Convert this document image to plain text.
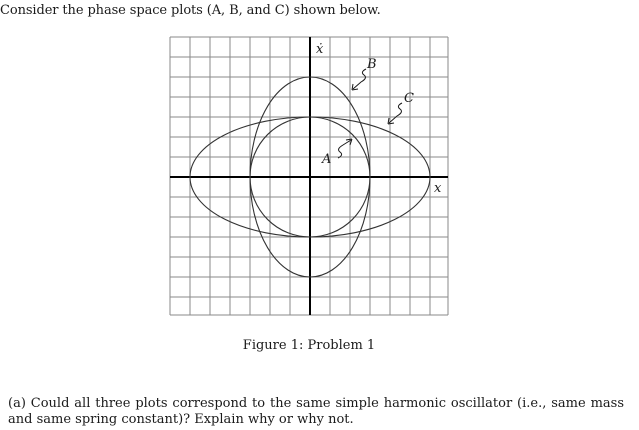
Consider the phase space plots (A, B, and C) shown below.
A
B
C
x
ẋ
Figure 1: Problem 1
(a) Could all three plots correspond to the same simple harmonic oscillator (i.e., same mass and same spring constant)? Explain why or why not.
